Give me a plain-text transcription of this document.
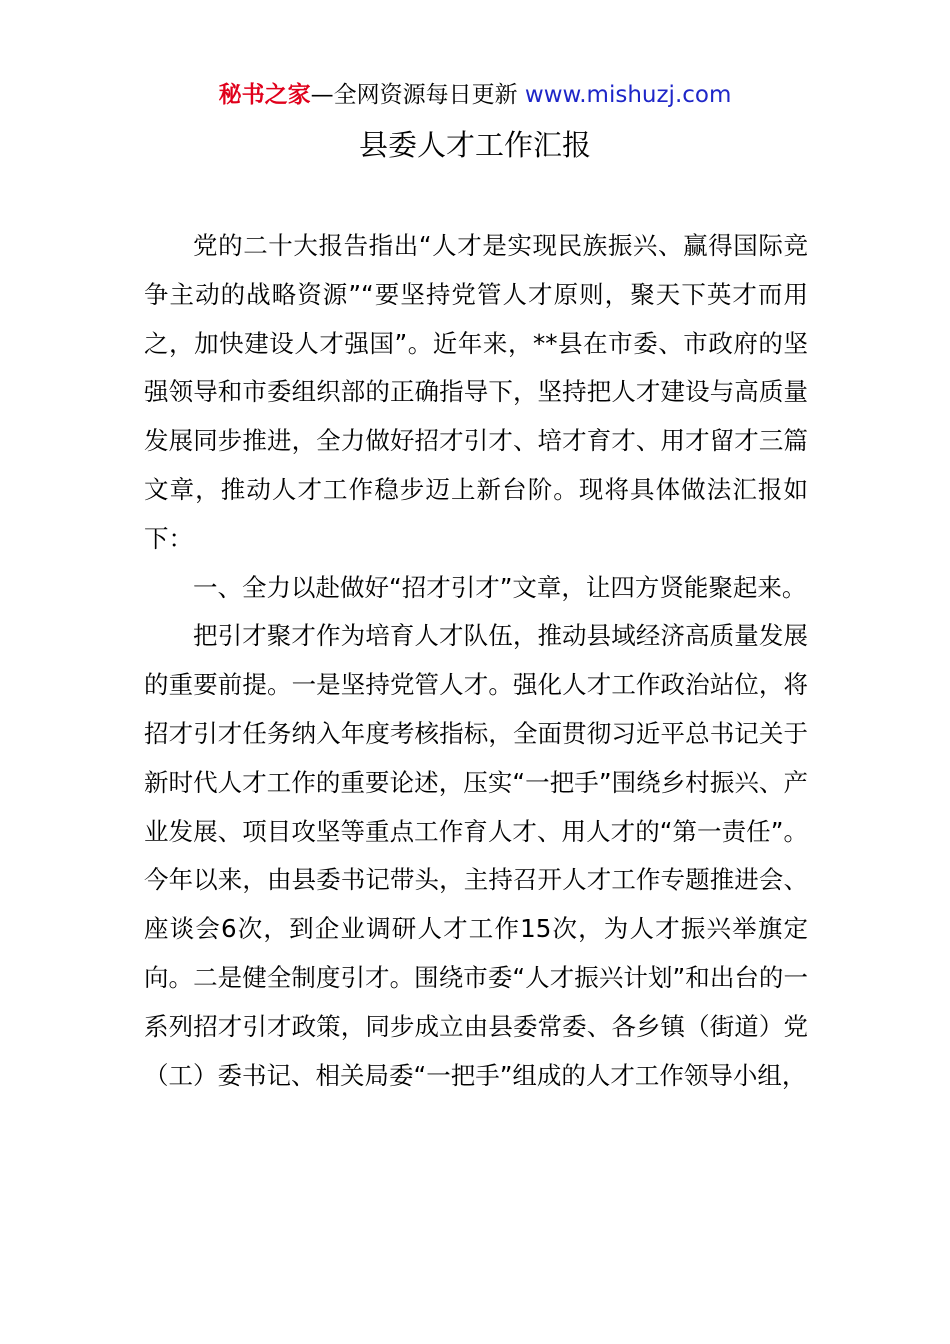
秘书之家—全网资源每日更新 www.mishuzj.com
县委人才工作汇报

党的二十大报告指出“人才是实现民族振兴、赢得国际竞争主动的战略资源”“要坚持党管人才原则，聚天下英才而用之，加快建设人才强国”。近年来，**县在市委、市政府的坚强领导和市委组织部的正确指导下，坚持把人才建设与高质量发展同步推进，全力做好招才引才、培才育才、用才留才三篇文章，推动人才工作稳步迈上新台阶。现将具体做法汇报如下：

一、全力以赴做好“招才引才”文章，让四方贤能聚起来。

把引才聚才作为培育人才队伍，推动县域经济高质量发展的重要前提。一是坚持党管人才。强化人才工作政治站位，将招才引才任务纳入年度考核指标，全面贯彻习近平总书记关于新时代人才工作的重要论述，压实“一把手”围绕乡村振兴、产业发展、项目攻坚等重点工作育人才、用人才的“第一责任”。今年以来，由县委书记带头，主持召开人才工作专题推进会、座谈会6次，到企业调研人才工作15次，为人才振兴举旗定向。二是健全制度引才。围绕市委“人才振兴计划”和出台的一系列招才引才政策，同步成立由县委常委、各乡镇（街道）党（工）委书记、相关局委“一把手”组成的人才工作领导小组，
